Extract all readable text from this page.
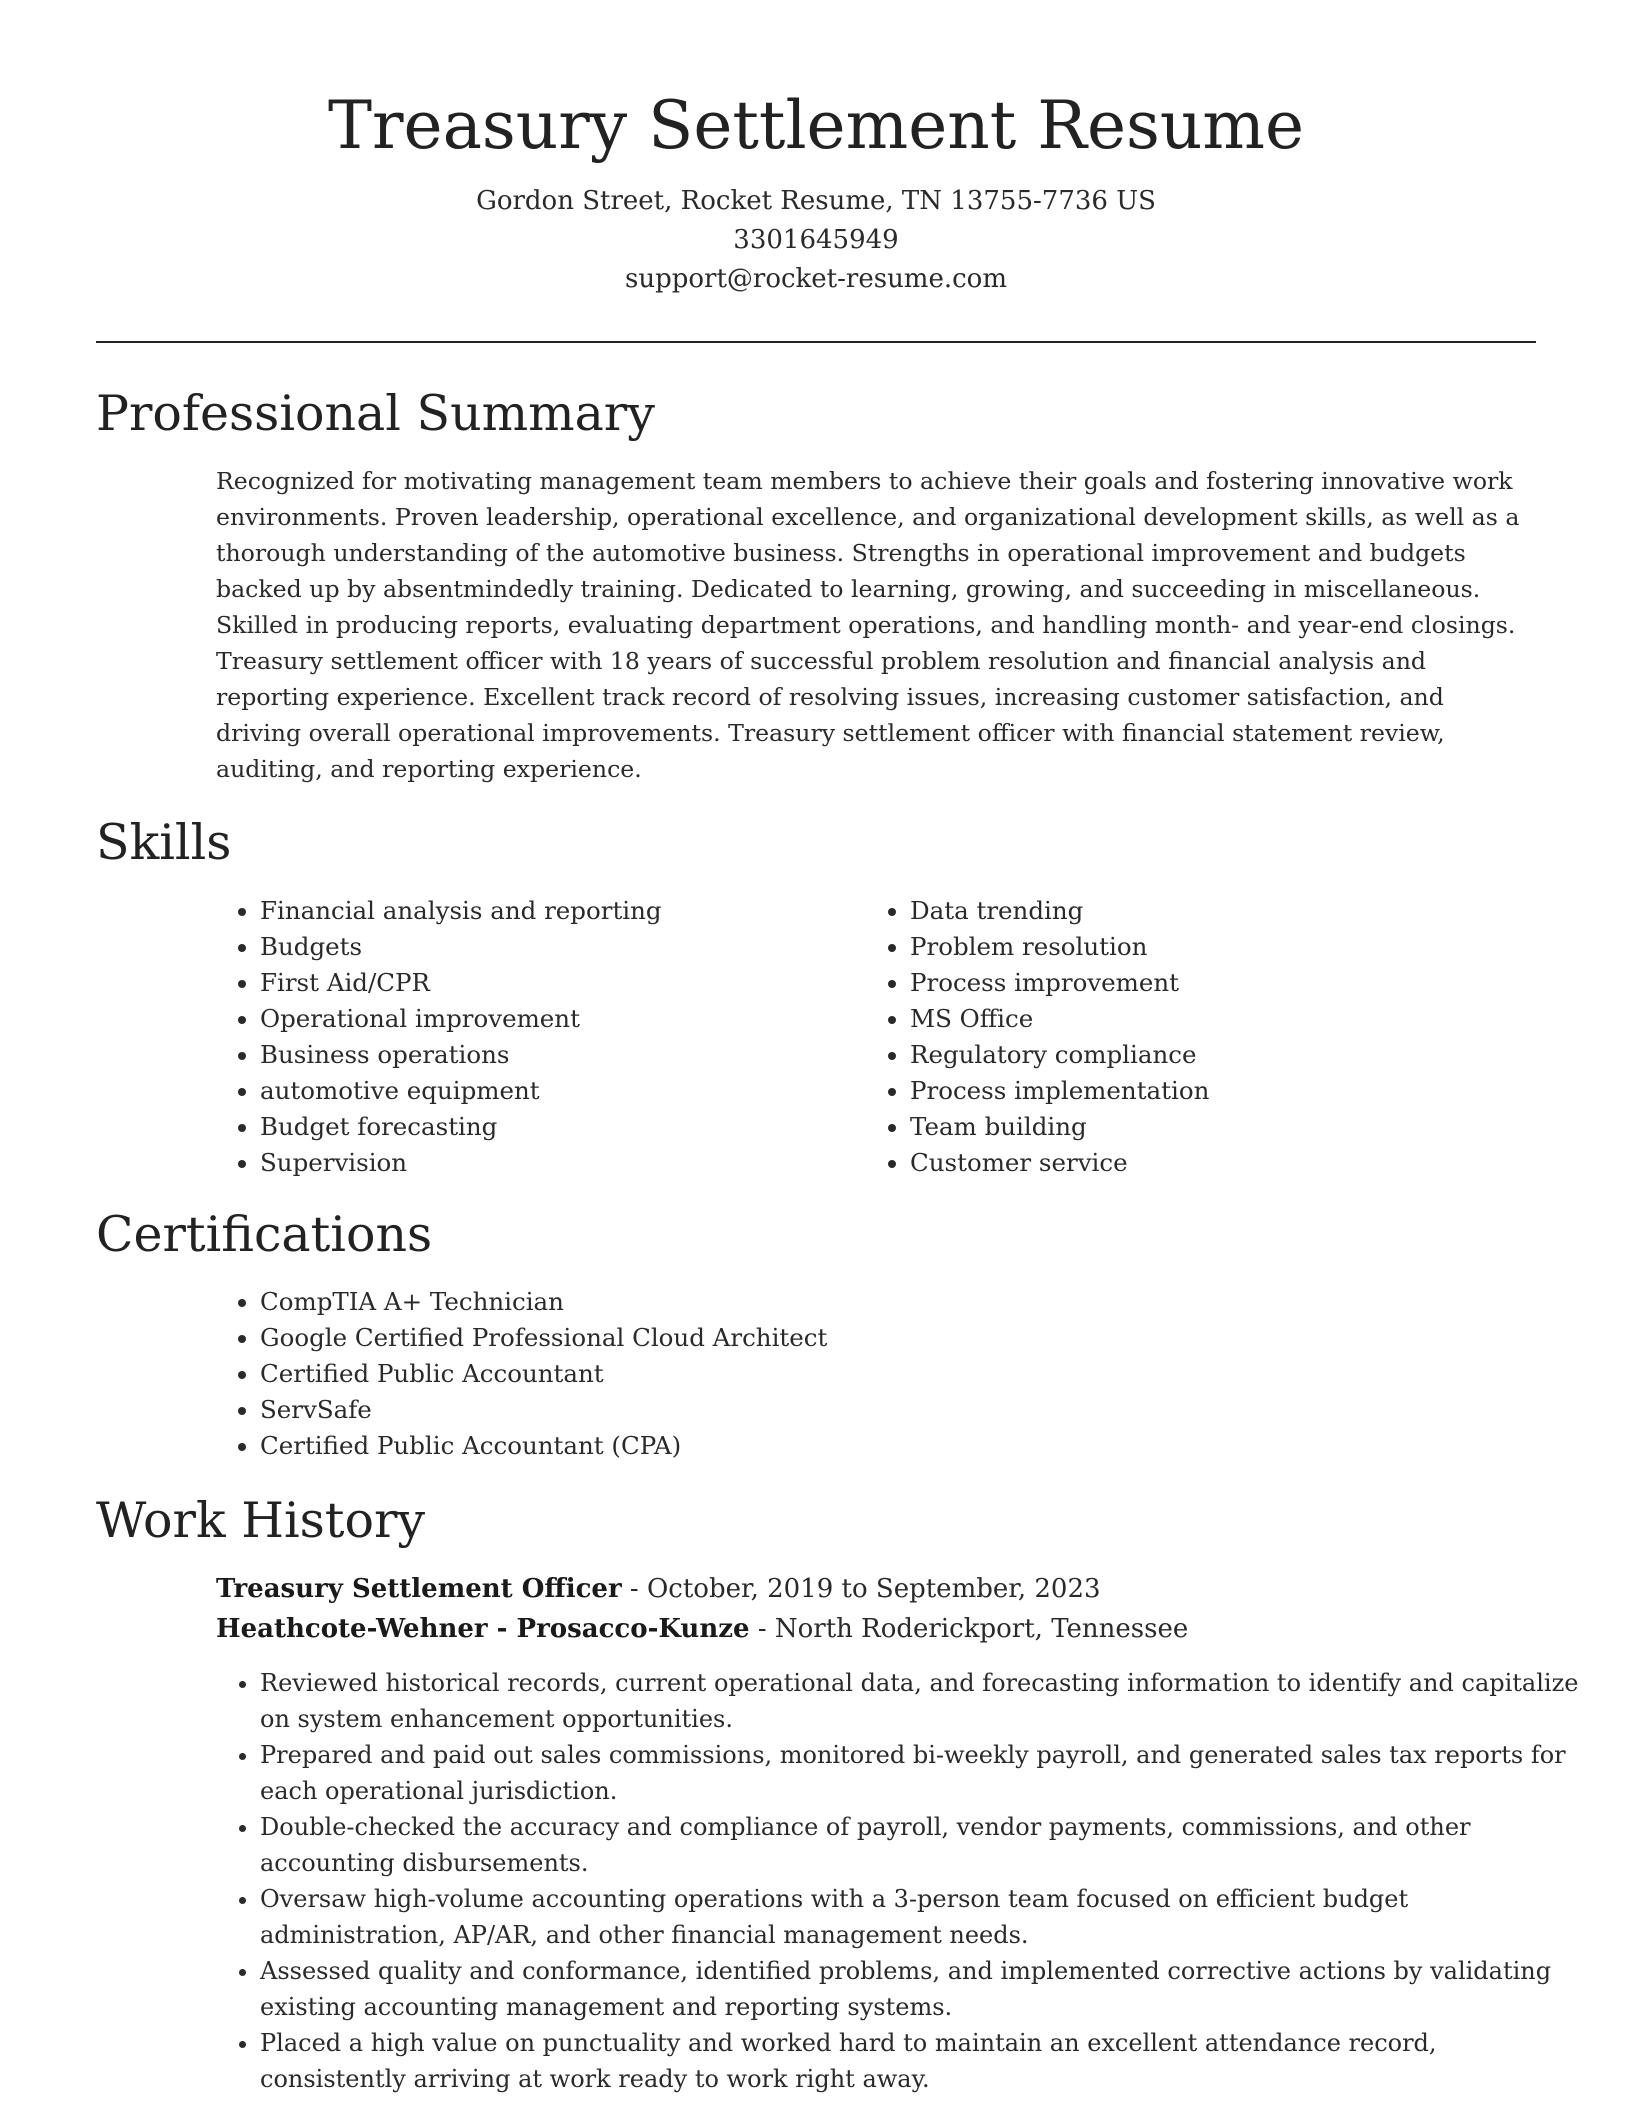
Treasury Settlement Resume
Gordon Street, Rocket Resume, TN 13755-7736 US
3301645949
support@rocket-resume.com
Professional Summary

Recognized for motivating management team members to achieve their goals and fostering innovative work environments. Proven leadership, operational excellence, and organizational development skills, as well as a thorough understanding of the automotive business. Strengths in operational improvement and budgets backed up by absentmindedly training. Dedicated to learning, growing, and succeeding in miscellaneous. Skilled in producing reports, evaluating department operations, and handling month- and year-end closings. Treasury settlement officer with 18 years of successful problem resolution and financial analysis and reporting experience. Excellent track record of resolving issues, increasing customer satisfaction, and driving overall operational improvements. Treasury settlement officer with financial statement review, auditing, and reporting experience.

Skills
• Financial analysis and reporting
• Budgets
• First Aid/CPR
• Operational improvement
• Business operations
• automotive equipment
• Budget forecasting
• Supervision
• Data trending
• Problem resolution
• Process improvement
• MS Office
• Regulatory compliance
• Process implementation
• Team building
• Customer service
Certifications
• CompTIA A+ Technician
• Google Certified Professional Cloud Architect
• Certified Public Accountant
• ServSafe
• Certified Public Accountant (CPA)
Work History
Treasury Settlement Officer - October, 2019 to September, 2023
Heathcote-Wehner - Prosacco-Kunze - North Roderickport, Tennessee
• Reviewed historical records, current operational data, and forecasting information to identify and capitalize on system enhancement opportunities.
• Prepared and paid out sales commissions, monitored bi-weekly payroll, and generated sales tax reports for each operational jurisdiction.
• Double-checked the accuracy and compliance of payroll, vendor payments, commissions, and other accounting disbursements.
• Oversaw high-volume accounting operations with a 3-person team focused on efficient budget administration, AP/AR, and other financial management needs.
• Assessed quality and conformance, identified problems, and implemented corrective actions by validating existing accounting management and reporting systems.
• Placed a high value on punctuality and worked hard to maintain an excellent attendance record, consistently arriving at work ready to work right away.
